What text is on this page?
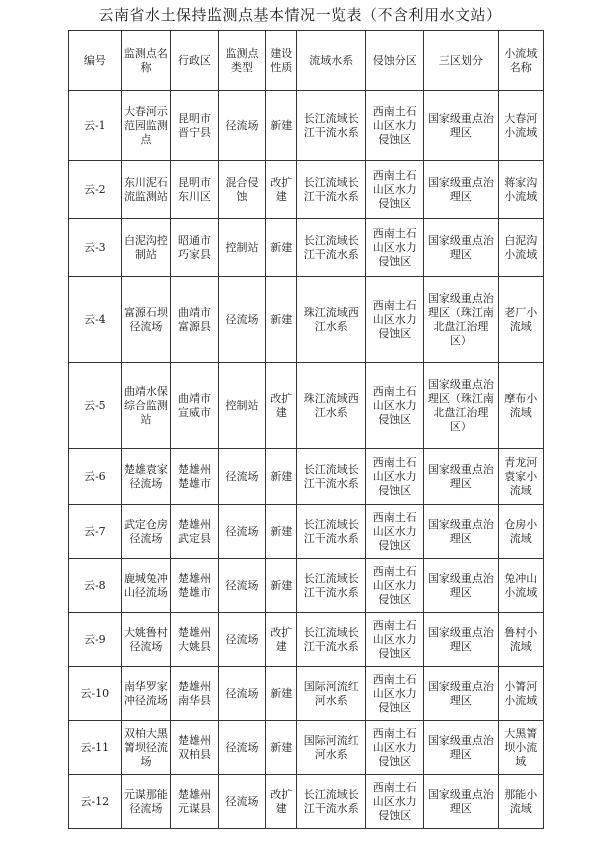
云南省水土保持监测点基本情况一览表（不含利用水文站）
编号	监测点名称	行政区	监测点类型	建设性质	流域水系	侵蚀分区	三区划分	小流域名称
云-1	大春河示范园监测点	昆明市晋宁县	径流场	新建	长江流域长江干流水系	西南土石山区水力侵蚀区	国家级重点治理区	大春河小流域
云-2	东川泥石流监测站	昆明市东川区	混合侵蚀	改扩建	长江流域长江干流水系	西南土石山区水力侵蚀区	国家级重点治理区	蒋家沟小流域
云-3	白泥沟控制站	昭通市巧家县	控制站	新建	长江流域长江干流水系	西南土石山区水力侵蚀区	国家级重点治理区	白泥沟小流域
云-4	富源石坝径流场	曲靖市富源县	径流场	新建	珠江流域西江水系	西南土石山区水力侵蚀区	国家级重点治理区（珠江南北盘江治理区）	老厂小流域
云-5	曲靖水保综合监测站	曲靖市宣威市	控制站	改扩建	珠江流域西江水系	西南土石山区水力侵蚀区	国家级重点治理区（珠江南北盘江治理区）	摩布小流域
云-6	楚雄袁家径流场	楚雄州楚雄市	径流场	新建	长江流域长江干流水系	西南土石山区水力侵蚀区	国家级重点治理区	青龙河袁家小流域
云-7	武定仓房径流场	楚雄州武定县	径流场	新建	长江流域长江干流水系	西南土石山区水力侵蚀区	国家级重点治理区	仓房小流域
云-8	鹿城兔冲山径流场	楚雄州楚雄市	径流场	新建	长江流域长江干流水系	西南土石山区水力侵蚀区	国家级重点治理区	兔冲山小流域
云-9	大姚鲁村径流场	楚雄州大姚县	径流场	改扩建	长江流域长江干流水系	西南土石山区水力侵蚀区	国家级重点治理区	鲁村小流域
云-10	南华罗家冲径流场	楚雄州南华县	径流场	新建	国际河流红河水系	西南土石山区水力侵蚀区	国家级重点治理区	小箐河小流域
云-11	双柏大黑箐坝径流场	楚雄州双柏县	径流场	新建	国际河流红河水系	西南土石山区水力侵蚀区	国家级重点治理区	大黑箐坝小流域
云-12	元谋那能径流场	楚雄州元谋县	径流场	改扩建	长江流域长江干流水系	西南土石山区水力侵蚀区	国家级重点治理区	那能小流域
